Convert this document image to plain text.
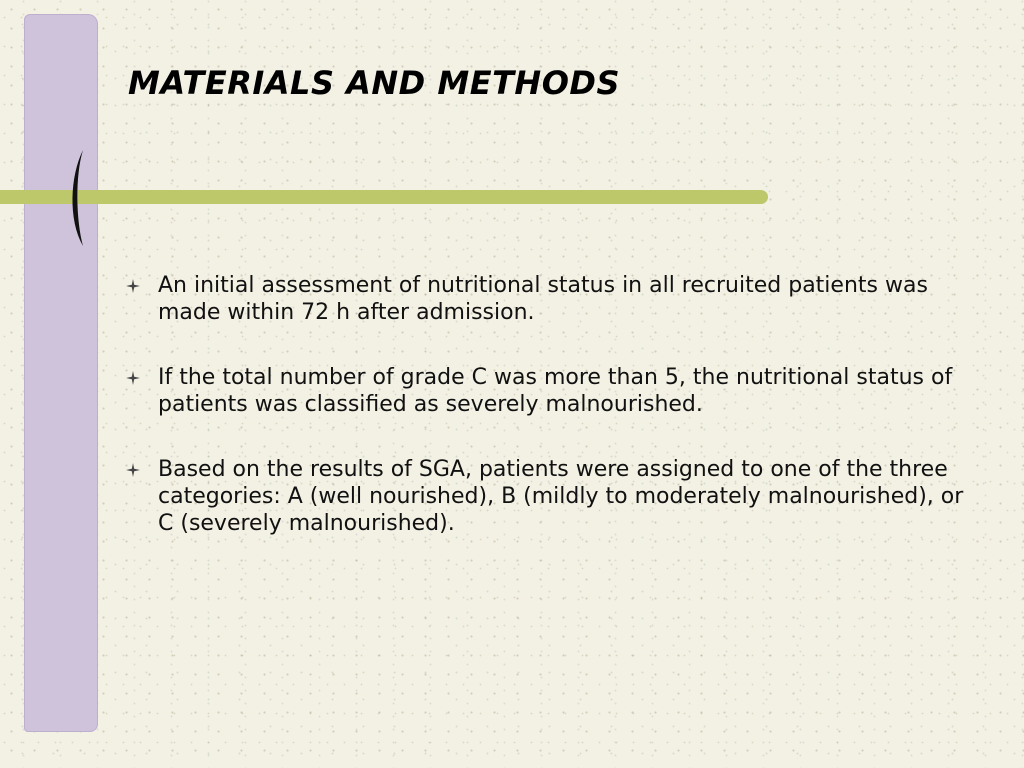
MATERIALS AND METHODS
An initial assessment of nutritional status in all recruited patients was made within 72 h after admission.
If the total number of grade C was more than 5, the nutritional status of patients was classified as severely malnourished.
Based on the results of SGA, patients were assigned to one of the three categories: A (well nourished), B (mildly to moderately malnourished), or C (severely malnourished).
